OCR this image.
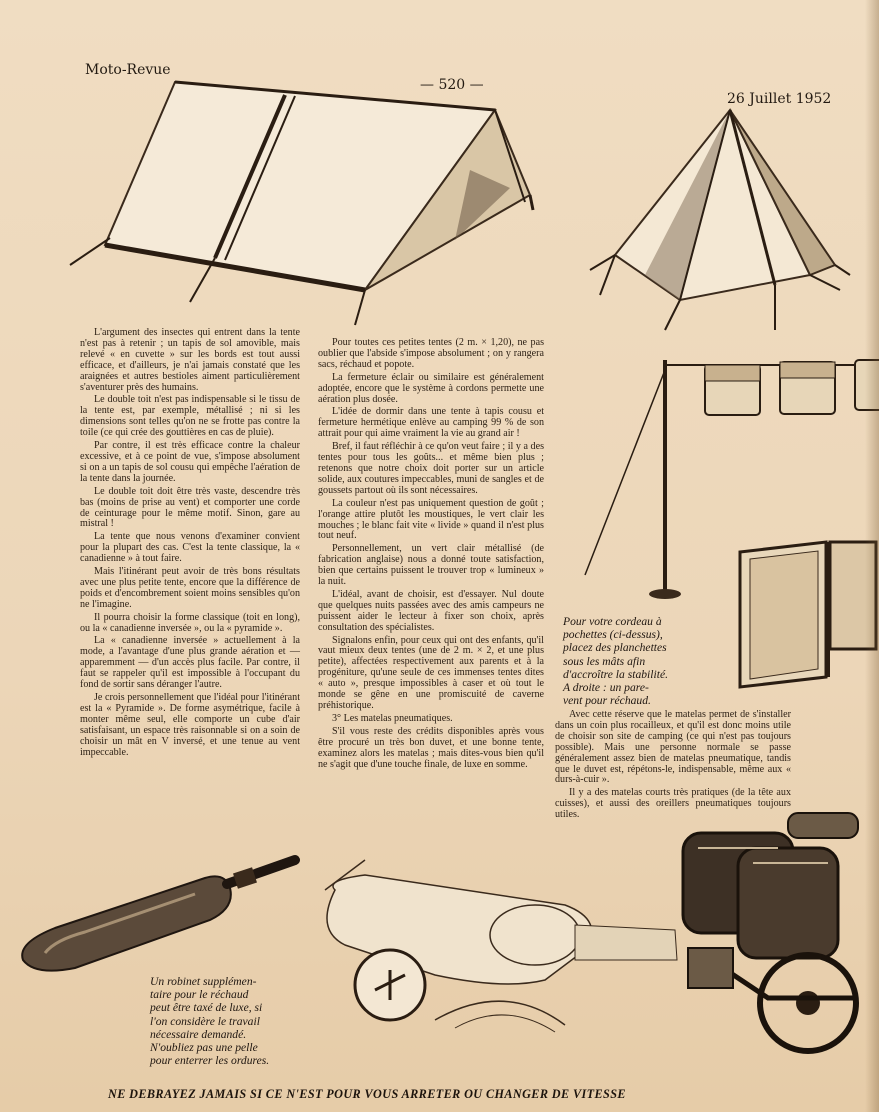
Moto-Revue
— 520 —
26 Juillet 1952

L'argument des insectes qui entrent dans la tente n'est pas à retenir ; un tapis de sol amovible, mais relevé « en cuvette » sur les bords est tout aussi efficace, et d'ailleurs, je n'ai jamais constaté que les araignées et autres bestioles aiment particulièrement s'aventurer près des humains.

Le double toit n'est pas indispensable si le tissu de la tente est, par exemple, métallisé ; ni si les dimensions sont telles qu'on ne se frotte pas contre la toile (ce qui crée des gouttières en cas de pluie).

Par contre, il est très efficace contre la chaleur excessive, et à ce point de vue, s'impose absolument si on a un tapis de sol cousu qui empêche l'aération de la tente dans la journée.

Le double toit doit être très vaste, descendre très bas (moins de prise au vent) et comporter une corde de ceinturage pour le même motif. Sinon, gare au mistral !

La tente que nous venons d'examiner convient pour la plupart des cas. C'est la tente classique, la « canadienne » à tout faire.

Mais l'itinérant peut avoir de très bons résultats avec une plus petite tente, encore que la différence de poids et d'encombrement soient moins sensibles qu'on ne l'imagine.

Il pourra choisir la forme classique (toit en long), ou la « canadienne inversée », ou la « pyramide ».

La « canadienne inversée » actuellement à la mode, a l'avantage d'une plus grande aération et — apparemment — d'un accès plus facile. Par contre, il faut se rappeler qu'il est impossible à l'occupant du fond de sortir sans déranger l'autre.

Je crois personnellement que l'idéal pour l'itinérant est la « Pyramide ». De forme asymétrique, facile à monter même seul, elle comporte un cube d'air satisfaisant, un espace très raisonnable si on a soin de choisir un mât en V inversé, et une tenue au vent impeccable.

Pour toutes ces petites tentes (2 m. × 1,20), ne pas oublier que l'abside s'impose absolument ; on y rangera sacs, réchaud et popote.

La fermeture éclair ou similaire est généralement adoptée, encore que le système à cordons permette une aération plus dosée.

L'idée de dormir dans une tente à tapis cousu et fermeture hermétique enlève au camping 99 % de son attrait pour qui aime vraiment la vie au grand air !

Bref, il faut réfléchir à ce qu'on veut faire ; il y a des tentes pour tous les goûts... et même bien plus ; retenons que notre choix doit porter sur un article solide, aux coutures impeccables, muni de sangles et de goussets partout où ils sont nécessaires.

La couleur n'est pas uniquement question de goût ; l'orange attire plutôt les moustiques, le vert clair les mouches ; le blanc fait vite « livide » quand il n'est plus tout neuf.

Personnellement, un vert clair métallisé (de fabrication anglaise) nous a donné toute satisfaction, bien que certains puissent le trouver trop « lumineux » la nuit.

L'idéal, avant de choisir, est d'essayer. Nul doute que quelques nuits passées avec des amis campeurs ne puissent aider le lecteur à fixer son choix, après consultation des spécialistes.

Signalons enfin, pour ceux qui ont des enfants, qu'il vaut mieux deux tentes (une de 2 m. × 2, et une plus petite), affectées respectivement aux parents et à la progéniture, qu'une seule de ces immenses tentes dites « auto », presque impossibles à caser et où tout le monde se gêne en une promiscuité de caverne préhistorique.

3° Les matelas pneumatiques.

S'il vous reste des crédits disponibles après vous être procuré un très bon duvet, et une bonne tente, examinez alors les matelas ; mais dites-vous bien qu'il ne s'agit que d'une touche finale, de luxe en somme.

Pour votre cordeau à
pochettes (ci-dessus),
placez des planchettes
sous les mâts afin
d'accroître la stabilité.
A droite : un pare-
vent pour réchaud.

Avec cette réserve que le matelas permet de s'installer dans un coin plus rocailleux, et qu'il est donc moins utile de choisir son site de camping (ce qui n'est pas toujours possible). Mais une personne normale se passe généralement assez bien de matelas pneumatique, tandis que le duvet est, répétons-le, indispensable, même aux « durs-à-cuir ».

Il y a des matelas courts très pratiques (de la tête aux cuisses), et aussi des oreillers pneumatiques toujours utiles.

Un robinet supplémen-
taire pour le réchaud
peut être taxé de luxe, si
l'on considère le travail
nécessaire demandé.
N'oubliez pas une pelle
pour enterrer les ordures.
NE DEBRAYEZ JAMAIS SI CE N'EST POUR VOUS ARRETER OU CHANGER DE VITESSE
